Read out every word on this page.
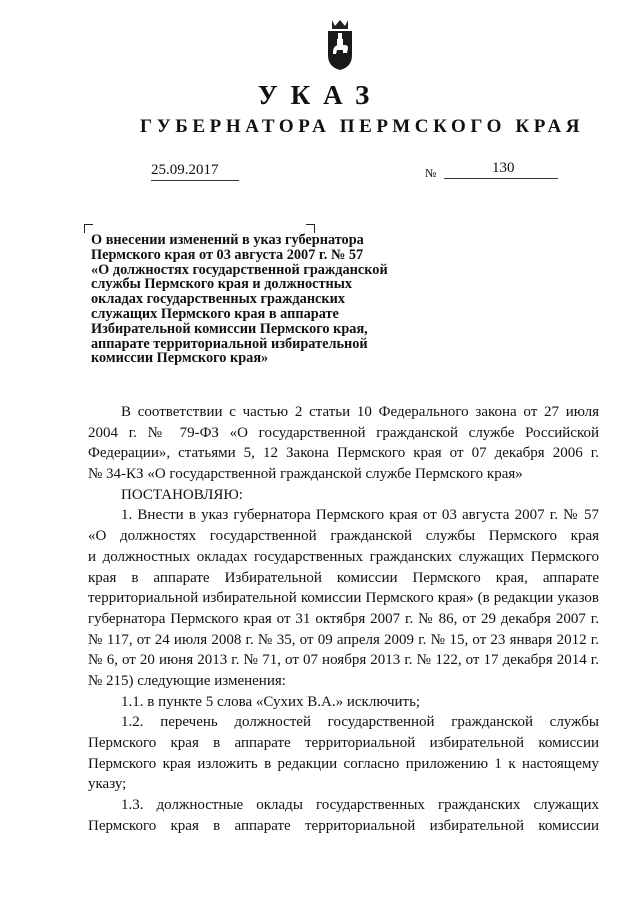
УКАЗ
ГУБЕРНАТОРА ПЕРМСКОГО КРАЯ
25.09.2017	№	130
О внесении изменений в указ губернатора
Пермского края от 03 августа 2007 г. № 57
«О должностях государственной гражданской
службы Пермского края и должностных
окладах государственных гражданских
служащих Пермского края в аппарате
Избирательной комиссии Пермского края,
аппарате территориальной избирательной
комиссии Пермского края»
В соответствии с частью 2 статьи 10 Федерального закона от 27 июля
2004 г. № 79-ФЗ «О государственной гражданской службе Российской
Федерации», статьями 5, 12 Закона Пермского края от 07 декабря 2006 г.
№ 34-КЗ «О государственной гражданской службе Пермского края»
ПОСТАНОВЛЯЮ:
1. Внести в указ губернатора Пермского края от 03 августа 2007 г. № 57
«О должностях государственной гражданской службы Пермского края
и должностных окладах государственных гражданских служащих Пермского
края в аппарате Избирательной комиссии Пермского края, аппарате
территориальной избирательной комиссии Пермского края» (в редакции указов
губернатора Пермского края от 31 октября 2007 г. № 86, от 29 декабря 2007 г.
№ 117, от 24 июля 2008 г. № 35, от 09 апреля 2009 г. № 15, от 23 января 2012 г.
№ 6, от 20 июня 2013 г. № 71, от 07 ноября 2013 г. № 122, от 17 декабря 2014 г.
№ 215) следующие изменения:
1.1. в пункте 5 слова «Сухих В.А.» исключить;
1.2. перечень должностей государственной гражданской службы
Пермского края в аппарате территориальной избирательной комиссии
Пермского края изложить в редакции согласно приложению 1 к настоящему
указу;
1.3. должностные оклады государственных гражданских служащих
Пермского края в аппарате территориальной избирательной комиссии
